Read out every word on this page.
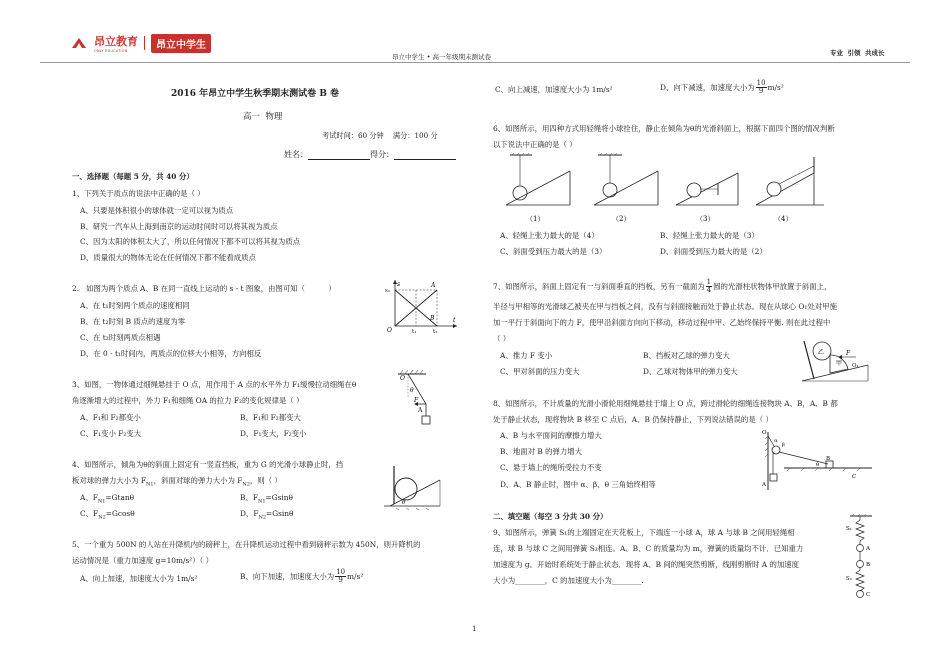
昂立教育
ONLY EDUCATION
昂立中学生
昂立中学生 • 高一年级期末测试卷	专业  引领  共成长
2016 年昂立中学生秋季期末测试卷 B 卷
高一  物理
考试时间：60 分钟    满分：100 分
姓名：	得分：
一、选择题（每题 5 分，共 40 分）
1、下列关于质点的说法中正确的是（ ）
A、只要是体积很小的球体就一定可以视为质点
B、研究一汽车从上海到南京的运动时间时可以将其视为质点
C、因为太阳的体积太大了，所以任何情况下都不可以将其视为质点
D、质量很大的物体无论在任何情况下都不能看成质点
2.   如图为两个质点 A、B 在同一直线上运动的 s - t 图象，由图可知（          ）
A、在 t₁时刻两个质点的速度相同
B、在 t₂时刻 B 质点的速度为零
C、在 t₂时刻两质点相遇
D、在 0 - t₁时间内，两质点的位移大小相等，方向相反
s
s₁
A
B
O	t₁	t₂
t
3、如图，一物体通过细绳悬挂于 O 点，用作用于 A 点的水平外力 F₁缓慢拉动细绳在θ
角逐渐增大的过程中，外力 F₁和细绳 OA 的拉力 F₂的变化规律是（ ）
A、F₁和 F₂都变小	B、F₁和 F₂都变大
C、F₁变小 F₂变大	D、F₁变大，F₂变小
O
θ
F
A
4、如图所示，倾角为θ的斜面上固定有一竖直挡板，重为 G 的光滑小球静止时，挡
板对球的弹力大小为 $F_{N1}$，斜面对球的弹力大小为 $F_{N2}$，则（ ）
A、$F_{N1}=Gtan\theta$	B、$F_{N1}=Gsin\theta$
C、$F_{N2}=Gcos\theta$	D、$F_{N2}=Gsin\theta$
θ
5、一个重为 500N 的人站在升降机内的磅秤上，在升降机运动过程中看到磅秤示数为 450N，则升降机的
运动情况是（重力加速度 g=10m/s²）（ ）
A、向上加速，加速度大小为 1m/s²	B、向下加速，加速度大小为 $\frac{10}{9} m/s^2$
C、向上减速，加速度大小为 1m/s²	D、向下减速，加速度大小为 $\frac{10}{9} m/s^2$
6、如图所示，用四种方式用轻绳将小球拴住，静止在倾角为θ的光滑斜面上，根据下面四个图的情况判断
以下说法中正确的是（ ）
（1）	（2）	（3）	（4）
A、轻绳上张力最大的是（4）	B、轻绳上张力最大的是（3）
C、斜面受到压力最大的是（3）	D、斜面受到压力最大的是（2）
7、如图所示，斜面上固定有一与斜面垂直的挡板，另有一截面为 $\frac{1}{4}$ 圆的光滑柱状物体甲放置于斜面上，
半径与甲相等的光滑球乙被夹在甲与挡板之间，没有与斜面接触而处于静止状态。现在从球心 O₁处对甲施
加一平行于斜面向下的力 F，使甲沿斜面方向向下移动，移动过程中甲、乙始终保持平衡. 则在此过程中
（ ）
A、推力 F 变小	B、挡板对乙球的弹力变大
C、甲对斜面的压力变大	D、乙球对物体甲的弹力变大
乙
甲
F
O₁
8、如图所示，不计质量的光滑小滑轮用细绳悬挂于墙上 O 点，跨过滑轮的细绳连接物块 A、B，A、B 都
处于静止状态，现将物块 B 移至 C 点后，A、B 仍保持静止，下列说法错误的是（ ）
A、B 与水平面间的摩擦力增大
B、地面对 B 的弹力增大
C、悬于墙上的绳所受拉力不变
D、A、B 静止时，图中 α、β、θ 三角始终相等
O
α
β
θ
A
B
C
二、填空题（每空 3 分共 30 分）
9、如图所示，弹簧 S₁的上端固定在天花板上，下端连一小球 A，球 A 与球 B 之间用轻绳相
连，球 B 与球 C 之间用弹簧 S₂相连。A、B、C 的质量均为 m，弹簧的质量均不计．已知重力
加速度为 g。开始时系统处于静止状态．现将 A、B 间的绳突然剪断，线刚剪断时 A 的加速度
大小为________，C 的加速度大小为________.
S₁
A
B
S₂
C
1
